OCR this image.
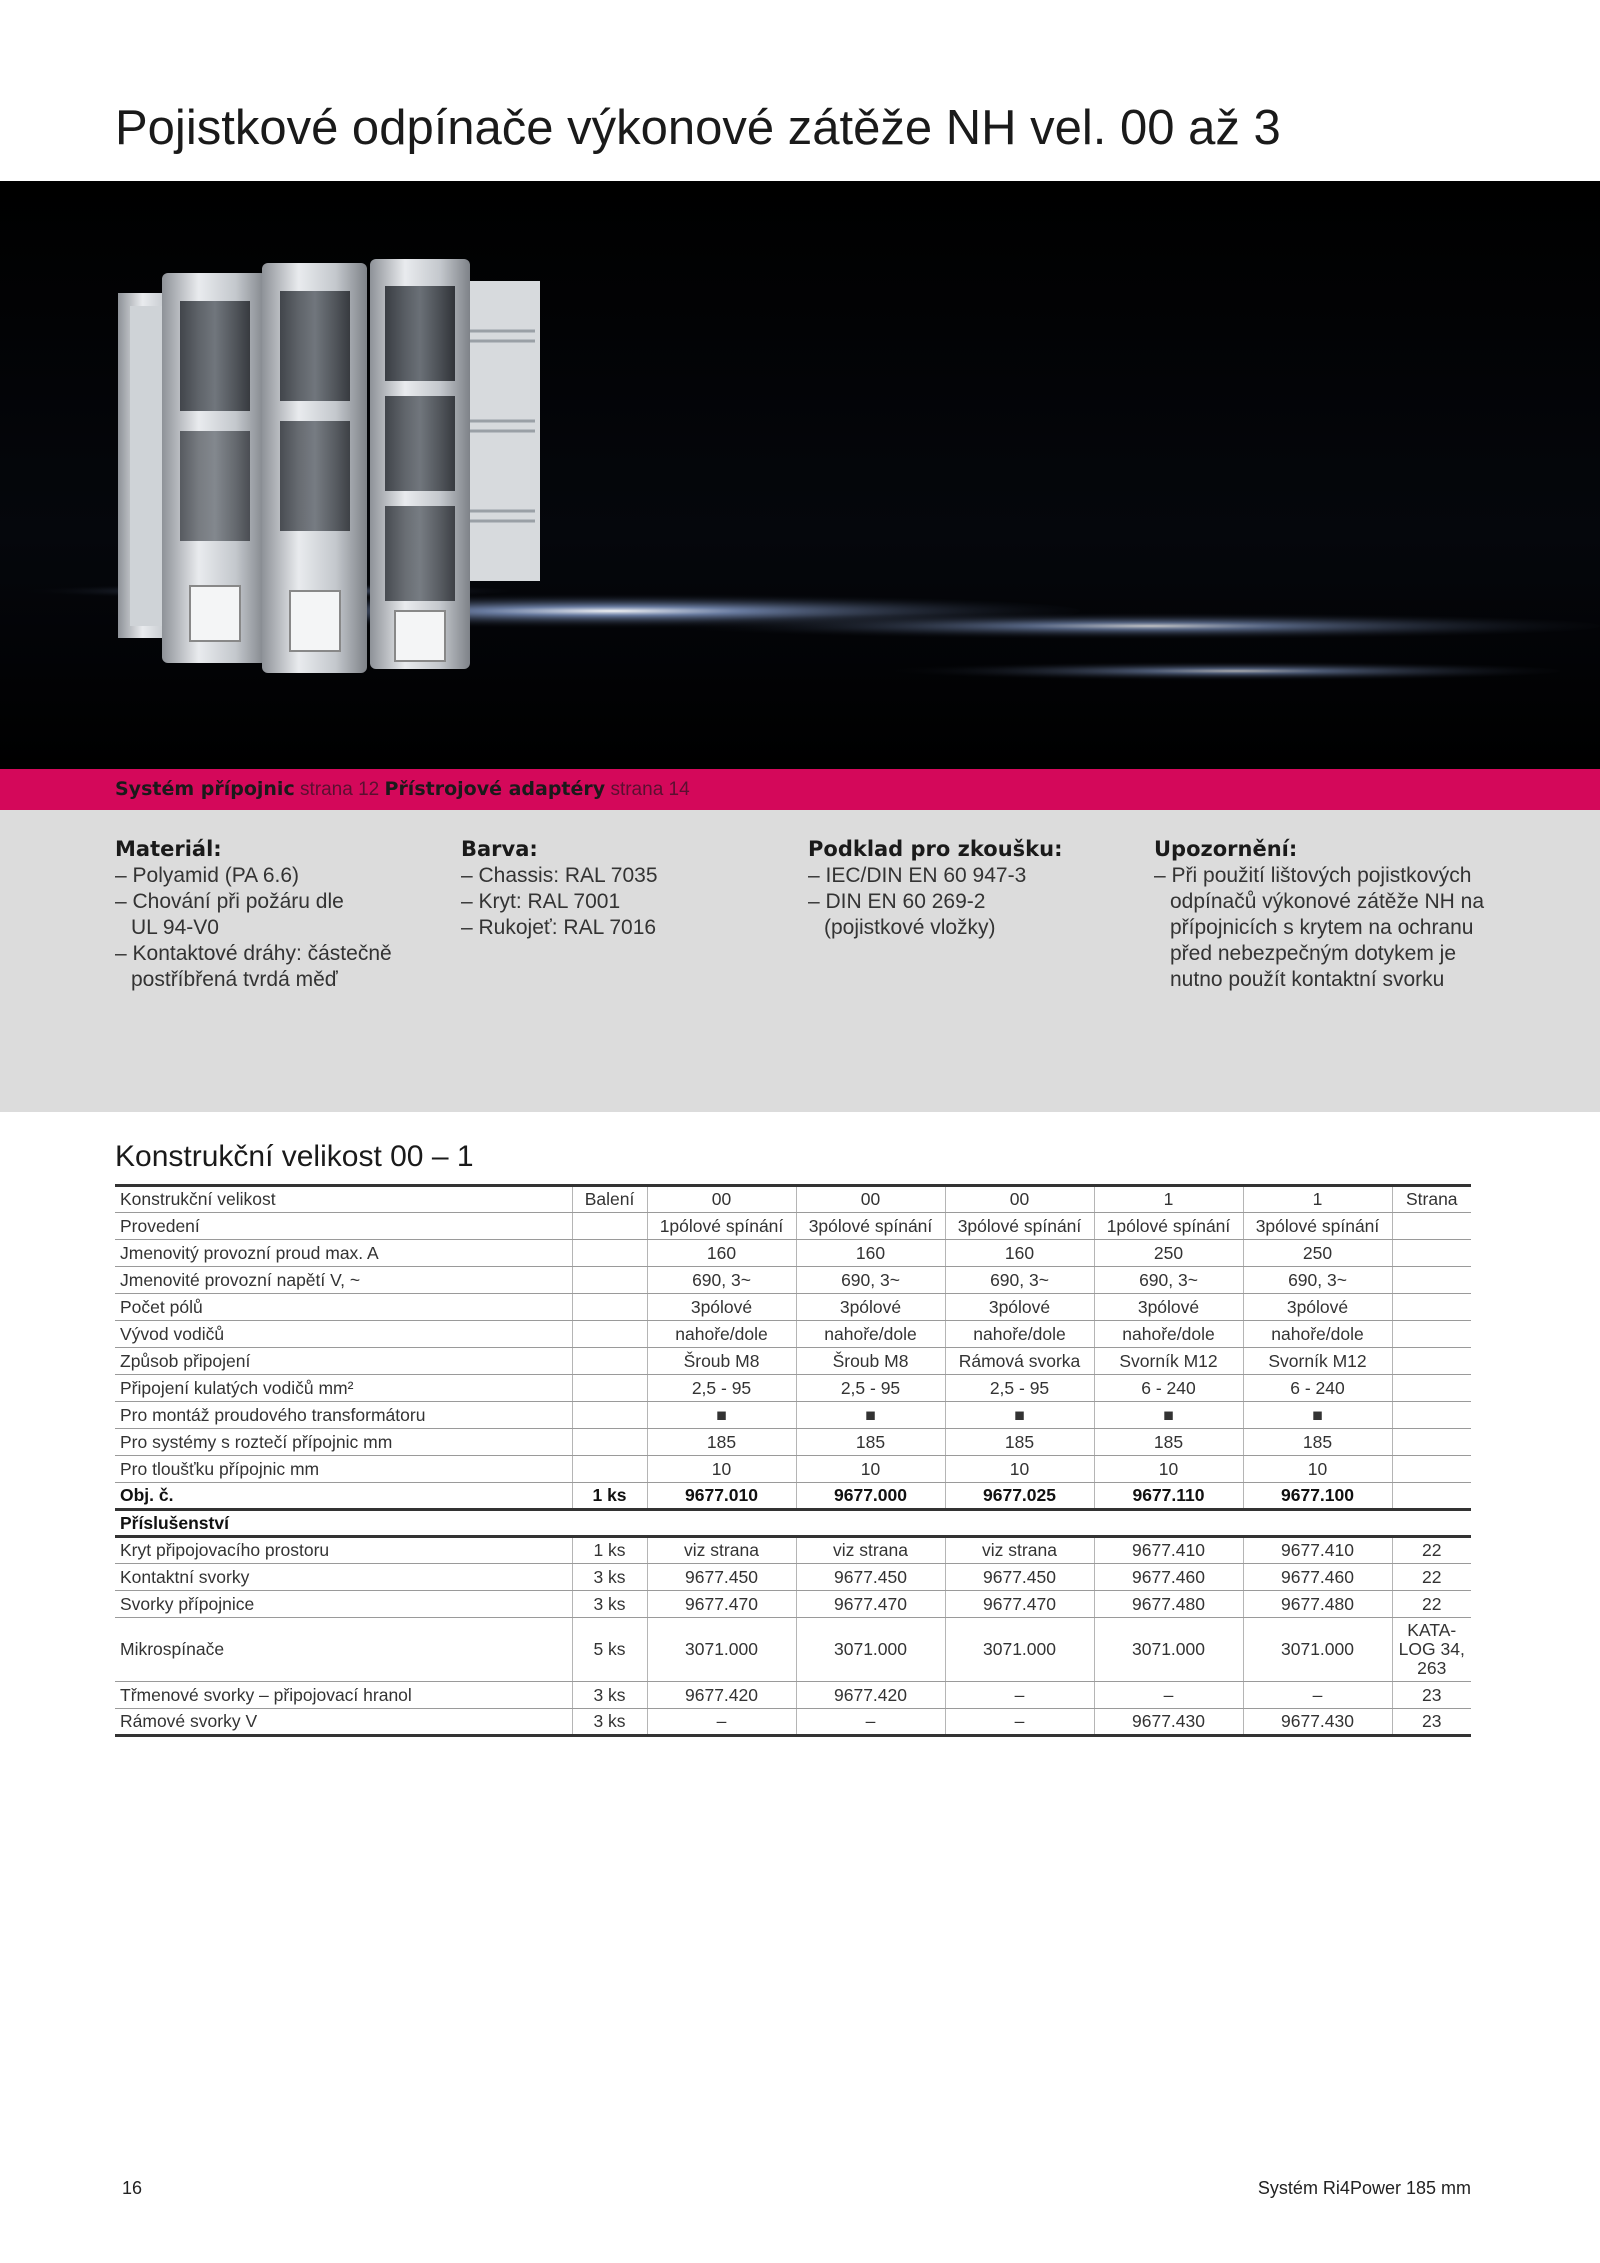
Pojistkové odpínače výkonové zátěže NH vel. 00 až 3
Systém přípojnic strana 12 Přístrojové adaptéry strana 14
Materiál:
– Polyamid (PA 6.6)
– Chování při požáru dle UL 94-V0
– Kontaktové dráhy: částečně postříbřená tvrdá měď
Barva:
– Chassis: RAL 7035
– Kryt: RAL 7001
– Rukojeť: RAL 7016
Podklad pro zkoušku:
– IEC/DIN EN 60 947-3
– DIN EN 60 269-2 (pojistkové vložky)
Upozornění:
– Při použití lištových pojistkových odpínačů výkonové zátěže NH na přípojnicích s krytem na ochranu před nebezpečným dotykem je nutno použít kontaktní svorku
Konstrukční velikost 00 – 1
Konstrukční velikost	Balení	00	00	00	1	1	Strana
Provedení		1pólové spínání	3pólové spínání	3pólové spínání	1pólové spínání	3pólové spínání	
Jmenovitý provozní proud max. A		160	160	160	250	250	
Jmenovité provozní napětí V, ~		690, 3~	690, 3~	690, 3~	690, 3~	690, 3~	
Počet pólů		3pólové	3pólové	3pólové	3pólové	3pólové	
Vývod vodičů		nahoře/dole	nahoře/dole	nahoře/dole	nahoře/dole	nahoře/dole	
Způsob připojení		Šroub M8	Šroub M8	Rámová svorka	Svorník M12	Svorník M12	
Připojení kulatých vodičů mm²		2,5 - 95	2,5 - 95	2,5 - 95	6 - 240	6 - 240	
Pro montáž proudového transformátoru		■	■	■	■	■	
Pro systémy s roztečí přípojnic mm		185	185	185	185	185	
Pro tloušťku přípojnic mm		10	10	10	10	10	
Obj. č.	1 ks	9677.010	9677.000	9677.025	9677.110	9677.100	
Příslušenství							
Kryt připojovacího prostoru	1 ks	viz strana	viz strana	viz strana	9677.410	9677.410	22
Kontaktní svorky	3 ks	9677.450	9677.450	9677.450	9677.460	9677.460	22
Svorky přípojnice	3 ks	9677.470	9677.470	9677.470	9677.480	9677.480	22
Mikrospínače	5 ks	3071.000	3071.000	3071.000	3071.000	3071.000	KATA-LOG 34, 263
Třmenové svorky – připojovací hranol	3 ks	9677.420	9677.420	–	–	–	23
Rámové svorky V	3 ks	–	–	–	9677.430	9677.430	23
16	Systém Ri4Power 185 mm
